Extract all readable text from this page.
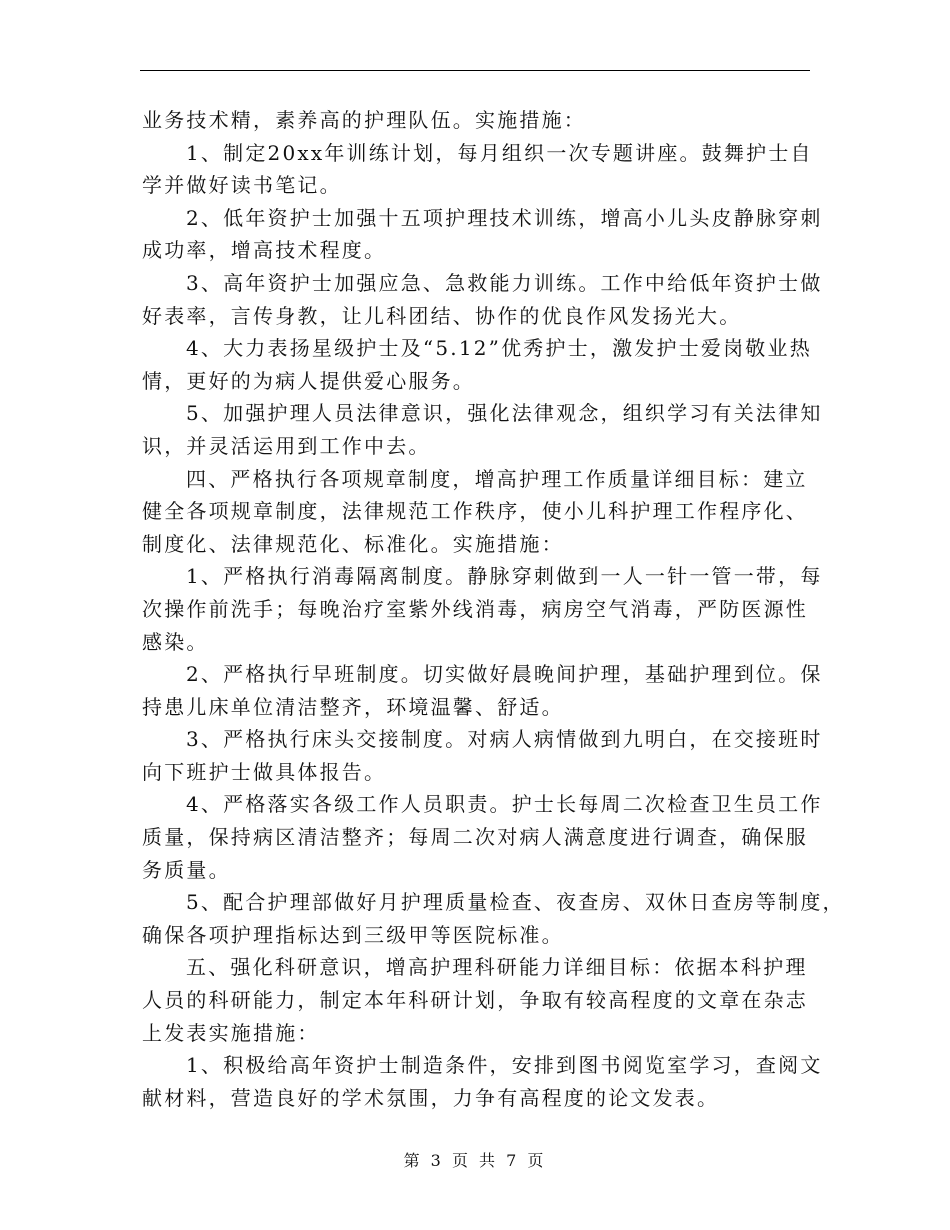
业务技术精，素养高的护理队伍。实施措施：
1、制定20xx年训练计划，每月组织一次专题讲座。鼓舞护士自
学并做好读书笔记。
2、低年资护士加强十五项护理技术训练，增高小儿头皮静脉穿刺
成功率，增高技术程度。
3、高年资护士加强应急、急救能力训练。工作中给低年资护士做
好表率，言传身教，让儿科团结、协作的优良作风发扬光大。
4、大力表扬星级护士及“5.12”优秀护士，激发护士爱岗敬业热
情，更好的为病人提供爱心服务。
5、加强护理人员法律意识，强化法律观念，组织学习有关法律知
识，并灵活运用到工作中去。
四、严格执行各项规章制度，增高护理工作质量详细目标：建立
健全各项规章制度，法律规范工作秩序，使小儿科护理工作程序化、
制度化、法律规范化、标准化。实施措施：
1、严格执行消毒隔离制度。静脉穿刺做到一人一针一管一带，每
次操作前洗手；每晚治疗室紫外线消毒，病房空气消毒，严防医源性
感染。
2、严格执行早班制度。切实做好晨晚间护理，基础护理到位。保
持患儿床单位清洁整齐，环境温馨、舒适。
3、严格执行床头交接制度。对病人病情做到九明白，在交接班时
向下班护士做具体报告。
4、严格落实各级工作人员职责。护士长每周二次检查卫生员工作
质量，保持病区清洁整齐；每周二次对病人满意度进行调查，确保服
务质量。
5、配合护理部做好月护理质量检查、夜查房、双休日查房等制度，
确保各项护理指标达到三级甲等医院标准。
五、强化科研意识，增高护理科研能力详细目标：依据本科护理
人员的科研能力，制定本年科研计划，争取有较高程度的文章在杂志
上发表实施措施：
1、积极给高年资护士制造条件，安排到图书阅览室学习，查阅文
献材料，营造良好的学术氛围，力争有高程度的论文发表。
第 3 页 共 7 页
